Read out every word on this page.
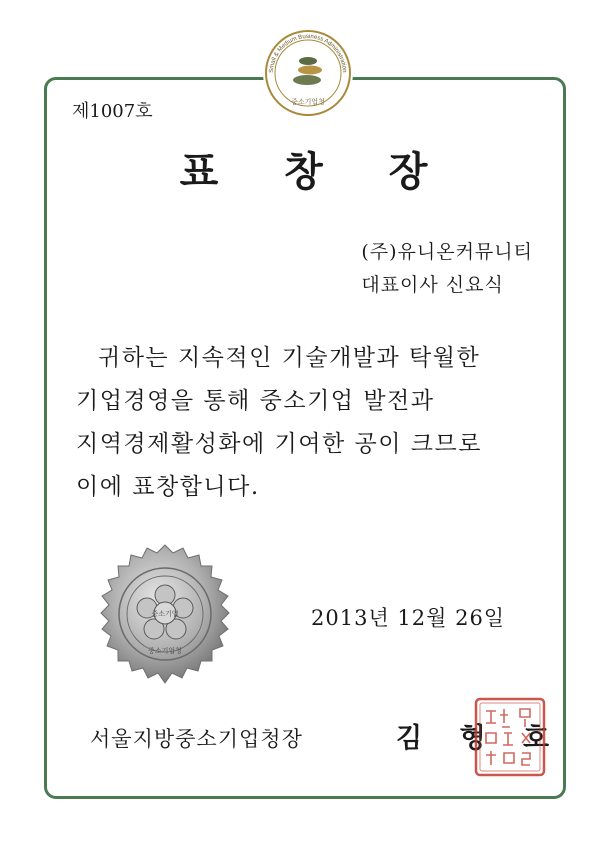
Small & Medium Business Administration
중소기업청
제1007호
표 창 장
(주)유니온커뮤니티
대표이사 신요식
귀하는 지속적인 기술개발과 탁월한
기업경영을 통해 중소기업 발전과
지역경제활성화에 기여한 공이 크므로
이에 표창합니다.
중소기업
중소기업청
2013년 12월 26일
서울지방중소기업청장	김 형 호
